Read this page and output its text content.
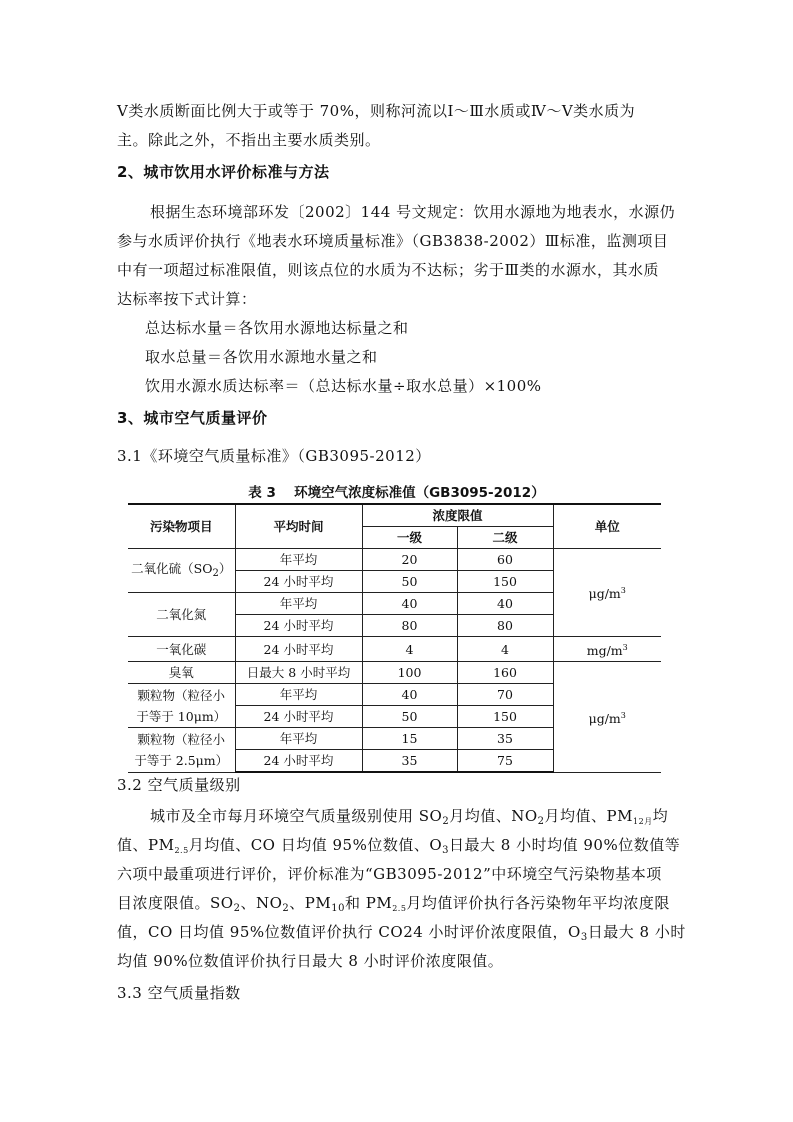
Ⅴ类水质断面比例大于或等于 70%，则称河流以Ⅰ～Ⅲ水质或Ⅳ～Ⅴ类水质为
主。除此之外，不指出主要水质类别。
2、城市饮用水评价标准与方法
根据生态环境部环发〔2002〕144 号文规定：饮用水源地为地表水，水源仍
参与水质评价执行《地表水环境质量标准》（GB3838-2002）Ⅲ标准，监测项目
中有一项超过标准限值，则该点位的水质为不达标；劣于Ⅲ类的水源水，其水质
达标率按下式计算：
总达标水量＝各饮用水源地达标量之和
取水总量＝各饮用水源地水量之和
饮用水源水质达标率＝（总达标水量÷取水总量）×100%
3、城市空气质量评价
3.1《环境空气质量标准》（GB3095-2012）
表 3　 环境空气浓度标准值（GB3095-2012）
污染物项目	平均时间	浓度限值		单位
		一级	二级	
二氧化硫$(SO_2)$	年平均	20	60	$\mu g/m^3$
	24 小时平均	50	150	
二氧化氮	年平均	40	40	
	24 小时平均	80	80	
一氧化碳	24 小时平均	4	4	$mg/m^3$
臭氧	日最大 8 小时平均	100	160	$\mu g/m^3$

颗粒物（粒径小
于等于 10μm）	年平均	40	70	
	24 小时平均	50	150	

颗粒物（粒径小
于等于 2.5μm）	年平均	15	35	
	24 小时平均	35	75	
3.2 空气质量级别
城市及全市每月环境空气质量级别使用 $SO_2$月均值、$NO_2$月均值、$PM_{12月}$均
值、$PM_{2.5}$月均值、CO 日均值 95%位数值、$O_3$日最大 8 小时均值 90%位数值等
六项中最重项进行评价，评价标准为“GB3095-2012”中环境空气污染物基本项
目浓度限值。$SO_2$、$NO_2$、$PM_{10}$和 $PM_{2.5}$月均值评价执行各污染物年平均浓度限
值，CO 日均值 95%位数值评价执行 CO24 小时评价浓度限值，$O_3$日最大 8 小时
均值 90%位数值评价执行日最大 8 小时评价浓度限值。
3.3 空气质量指数
